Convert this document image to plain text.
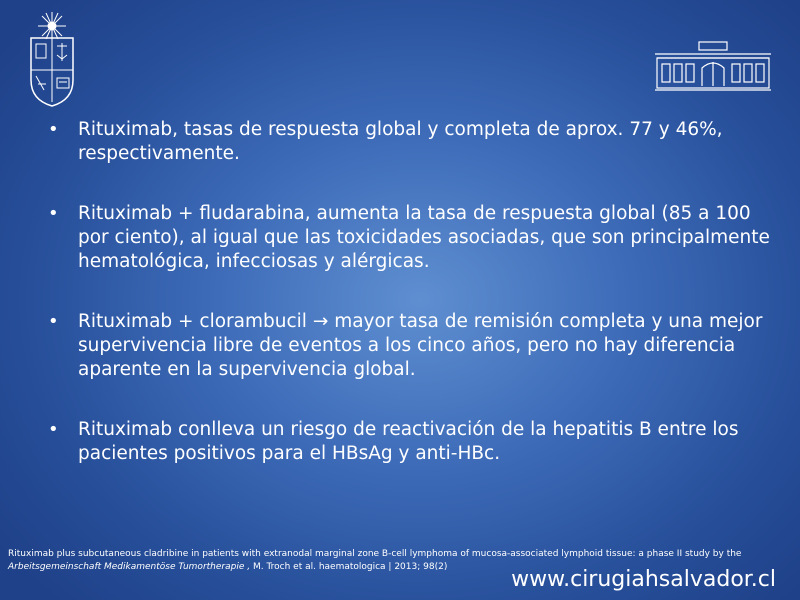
• Rituximab, tasas de respuesta global y completa de aprox. 77 y 46%, respectivamente.
• Rituximab + fludarabina, aumenta la tasa de respuesta global (85 a 100 por ciento), al igual que las toxicidades asociadas, que son principalmente hematológica, infecciosas y alérgicas.
• Rituximab + clorambucil → mayor tasa de remisión completa y una mejor supervivencia libre de eventos a los cinco años, pero no hay diferencia aparente en la supervivencia global.
• Rituximab conlleva un riesgo de reactivación de la hepatitis B entre los pacientes positivos para el HBsAg y anti-HBc.
Rituximab plus subcutaneous cladribine in patients with extranodal marginal zone B-cell lymphoma of mucosa-associated lymphoid tissue: a phase II study by the
Arbeitsgemeinschaft Medikamentöse Tumortherapie , M. Troch et al. haematologica | 2013; 98(2)	www.cirugiahsalvador.cl
